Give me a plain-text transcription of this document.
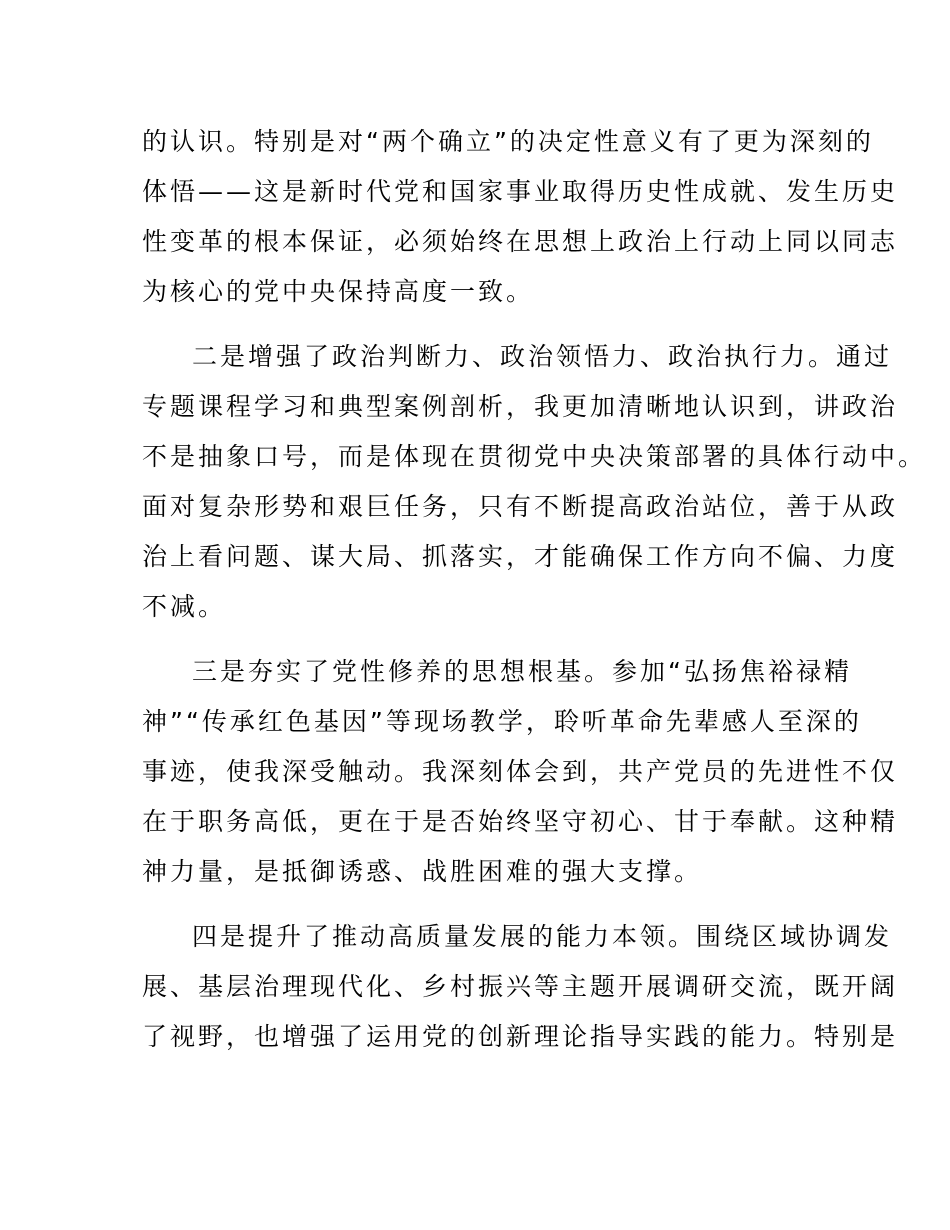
的认识。特别是对“两个确立”的决定性意义有了更为深刻的

体悟——这是新时代党和国家事业取得历史性成就、发生历史

性变革的根本保证，必须始终在思想上政治上行动上同以同志

为核心的党中央保持高度一致。

二是增强了政治判断力、政治领悟力、政治执行力。通过

专题课程学习和典型案例剖析，我更加清晰地认识到，讲政治

不是抽象口号，而是体现在贯彻党中央决策部署的具体行动中。

面对复杂形势和艰巨任务，只有不断提高政治站位，善于从政

治上看问题、谋大局、抓落实，才能确保工作方向不偏、力度

不减。

三是夯实了党性修养的思想根基。参加“弘扬焦裕禄精

神”“传承红色基因”等现场教学，聆听革命先辈感人至深的

事迹，使我深受触动。我深刻体会到，共产党员的先进性不仅

在于职务高低，更在于是否始终坚守初心、甘于奉献。这种精

神力量，是抵御诱惑、战胜困难的强大支撑。

四是提升了推动高质量发展的能力本领。围绕区域协调发

展、基层治理现代化、乡村振兴等主题开展调研交流，既开阔

了视野，也增强了运用党的创新理论指导实践的能力。特别是
